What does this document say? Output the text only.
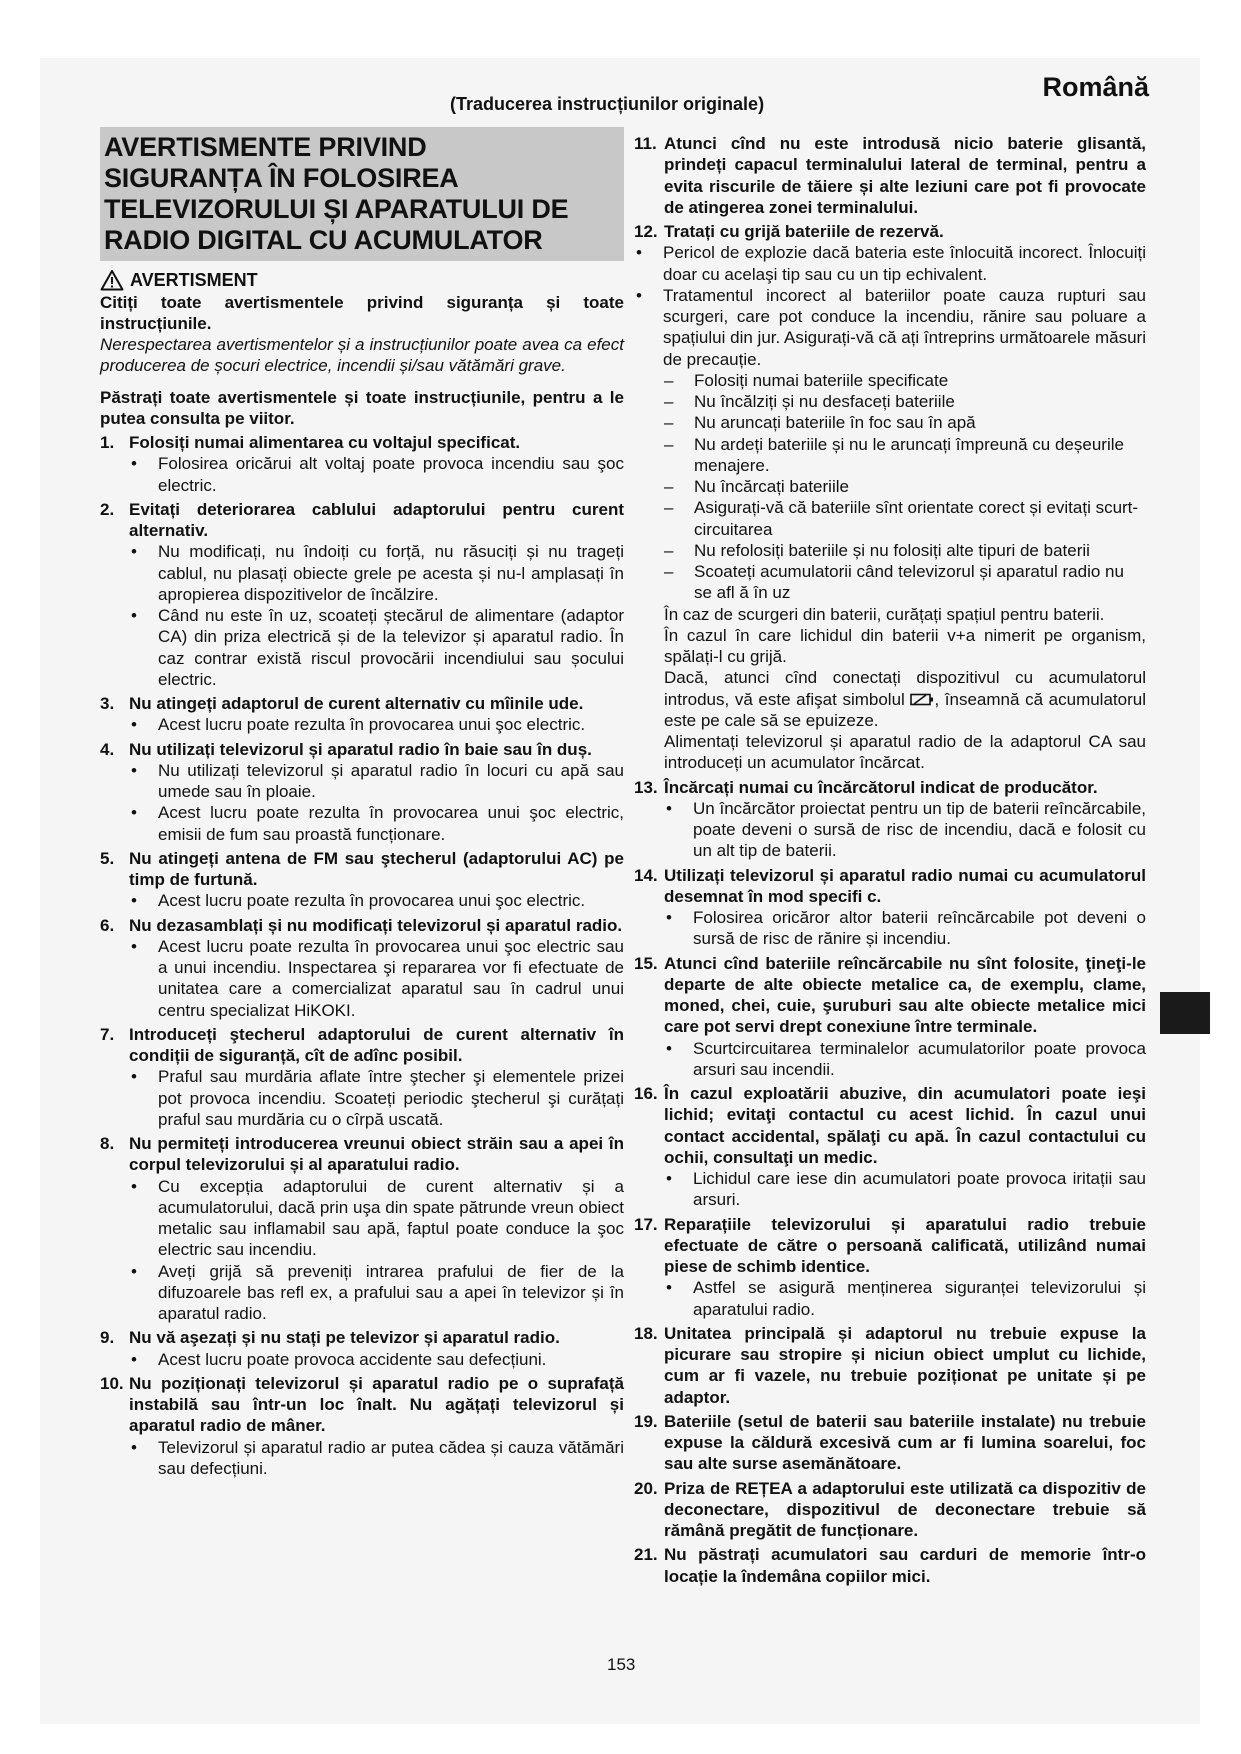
Română
(Traducerea instrucțiunilor originale)
AVERTISMENTE PRIVIND
SIGURANȚA ÎN FOLOSIREA
TELEVIZORULUI ȘI APARATULUI DE
RADIO DIGITAL CU ACUMULATOR
AVERTISMENT
Citiți toate avertismentele privind siguranța și toate instrucțiunile.
Nerespectarea avertismentelor și a instrucțiunilor poate avea ca efect producerea de șocuri electrice, incendii și/sau vătămări grave.
Păstrați toate avertismentele și toate instrucțiunile, pentru a le putea consulta pe viitor.
1. Folosiți numai alimentarea cu voltajul specificat.
• Folosirea oricărui alt voltaj poate provoca incendiu sau şoc electric.
2. Evitați deteriorarea cablului adaptorului pentru curent alternativ.
• Nu modificați, nu îndoiți cu forță, nu răsuciți și nu trageți cablul, nu plasați obiecte grele pe acesta și nu-l amplasați în apropierea dispozitivelor de încălzire.
• Când nu este în uz, scoateți ștecărul de alimentare (adaptor CA) din priza electrică și de la televizor și aparatul radio. În caz contrar există riscul provocării incendiului sau șocului electric.
3. Nu atingeți adaptorul de curent alternativ cu mîinile ude.
• Acest lucru poate rezulta în provocarea unui şoc electric.
4. Nu utilizați televizorul și aparatul radio în baie sau în duș.
• Nu utilizați televizorul și aparatul radio în locuri cu apă sau umede sau în ploaie.
• Acest lucru poate rezulta în provocarea unui şoc electric, emisii de fum sau proastă funcționare.
5. Nu atingeți antena de FM sau ştecherul (adaptorului AC) pe timp de furtună.
• Acest lucru poate rezulta în provocarea unui şoc electric.
6. Nu dezasamblați și nu modificați televizorul și aparatul radio.
• Acest lucru poate rezulta în provocarea unui şoc electric sau a unui incendiu. Inspectarea şi repararea vor fi efectuate de unitatea care a comercializat aparatul sau în cadrul unui centru specializat HiKOKI.
7. Introduceți ştecherul adaptorului de curent alternativ în condiții de siguranță, cît de adînc posibil.
• Praful sau murdăria aflate între ştecher şi elementele prizei pot provoca incendiu. Scoateți periodic ştecherul şi curățați praful sau murdăria cu o cîrpă uscată.
8. Nu permiteți introducerea vreunui obiect străin sau a apei în corpul televizorului și al aparatului radio.
• Cu excepția adaptorului de curent alternativ și a acumulatorului, dacă prin uşa din spate pătrunde vreun obiect metalic sau inflamabil sau apă, faptul poate conduce la şoc electric sau incendiu.
• Aveți grijă să preveniți intrarea prafului de fier de la difuzoarele bas refl ex, a prafului sau a apei în televizor și în aparatul radio.
9. Nu vă aşezați și nu stați pe televizor și aparatul radio.
• Acest lucru poate provoca accidente sau defecțiuni.
10. Nu poziționați televizorul și aparatul radio pe o suprafață instabilă sau într-un loc înalt. Nu agățați televizorul și aparatul radio de mâner.
• Televizorul și aparatul radio ar putea cădea și cauza vătămări sau defecțiuni.
11. Atunci cînd nu este introdusă nicio baterie glisantă, prindeți capacul terminalului lateral de terminal, pentru a evita riscurile de tăiere și alte leziuni care pot fi provocate de atingerea zonei terminalului.
12. Tratați cu grijă bateriile de rezervă.
• Pericol de explozie dacă bateria este înlocuită incorect. Înlocuiți doar cu acelaşi tip sau cu un tip echivalent.
• Tratamentul incorect al bateriilor poate cauza rupturi sau scurgeri, care pot conduce la incendiu, rănire sau poluare a spațiului din jur. Asigurați-vă că ați întreprins următoarele măsuri de precauție.
– Folosiți numai bateriile specificate
– Nu încălziți și nu desfaceți bateriile
– Nu aruncați bateriile în foc sau în apă
– Nu ardeți bateriile și nu le aruncați împreună cu deșeurile menajere.
– Nu încărcați bateriile
– Asigurați-vă că bateriile sînt orientate corect și evitați scurt-circuitarea
– Nu refolosiți bateriile și nu folosiți alte tipuri de baterii
– Scoateți acumulatorii când televizorul și aparatul radio nu se afl ă în uz
În caz de scurgeri din baterii, curățați spațiul pentru baterii.
În cazul în care lichidul din baterii v+a nimerit pe organism, spălați-l cu grijă.
Dacă, atunci cînd conectați dispozitivul cu acumulatorul introdus, vă este afişat simbolul , înseamnă că acumulatorul este pe cale să se epuizeze.
Alimentați televizorul și aparatul radio de la adaptorul CA sau introduceți un acumulator încărcat.
13. Încărcați numai cu încărcătorul indicat de producător.
• Un încărcător proiectat pentru un tip de baterii reîncărcabile, poate deveni o sursă de risc de incendiu, dacă e folosit cu un alt tip de baterii.
14. Utilizați televizorul și aparatul radio numai cu acumulatorul desemnat în mod specifi c.
• Folosirea oricăror altor baterii reîncărcabile pot deveni o sursă de risc de rănire și incendiu.
15. Atunci cînd bateriile reîncărcabile nu sînt folosite, ţineţi-le departe de alte obiecte metalice ca, de exemplu, clame, moned, chei, cuie, şuruburi sau alte obiecte metalice mici care pot servi drept conexiune între terminale.
• Scurtcircuitarea terminalelor acumulatorilor poate provoca arsuri sau incendii.
16. În cazul exploatării abuzive, din acumulatori poate ieşi lichid; evitaţi contactul cu acest lichid. În cazul unui contact accidental, spălaţi cu apă. În cazul contactului cu ochii, consultaţi un medic.
• Lichidul care iese din acumulatori poate provoca iritații sau arsuri.
17. Reparațiile televizorului și aparatului radio trebuie efectuate de către o persoană calificată, utilizând numai piese de schimb identice.
• Astfel se asigură menținerea siguranței televizorului și aparatului radio.
18. Unitatea principală și adaptorul nu trebuie expuse la picurare sau stropire și niciun obiect umplut cu lichide, cum ar fi vazele, nu trebuie poziționat pe unitate și pe adaptor.
19. Bateriile (setul de baterii sau bateriile instalate) nu trebuie expuse la căldură excesivă cum ar fi lumina soarelui, foc sau alte surse asemănătoare.
20. Priza de REȚEA a adaptorului este utilizată ca dispozitiv de deconectare, dispozitivul de deconectare trebuie să rămână pregătit de funcționare.
21. Nu păstrați acumulatori sau carduri de memorie într-o locație la îndemâna copiilor mici.
153
